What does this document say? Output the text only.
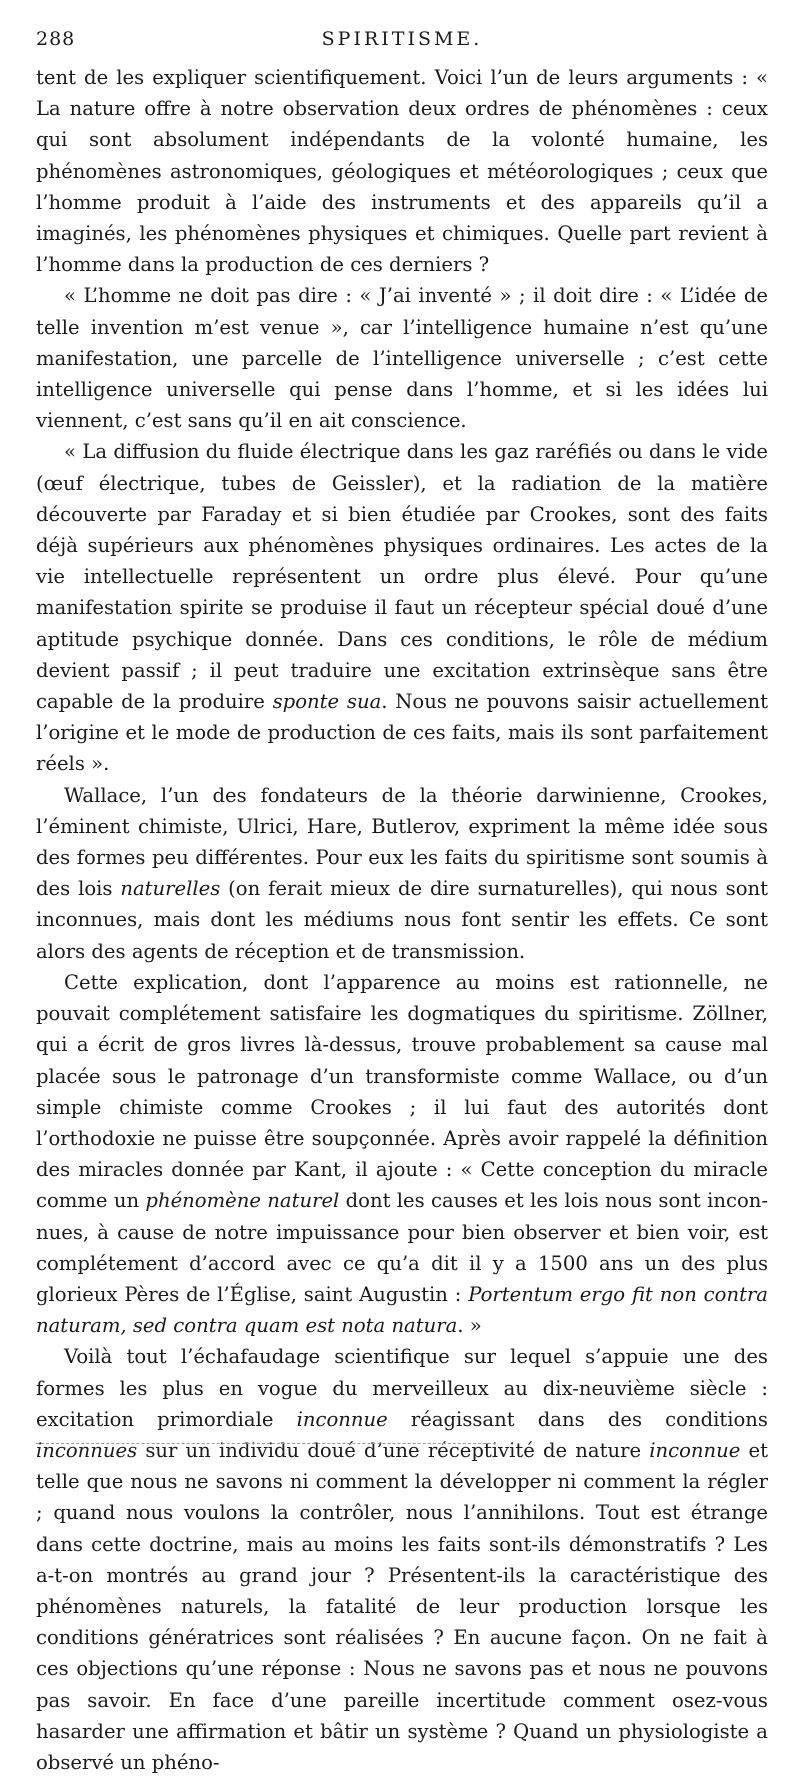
288	SPIRITISME.

tent de les expliquer scientifiquement. Voici l’un de leurs arguments : « La nature offre à notre observation deux ordres de phénomènes : ceux qui sont absolument indépendants de la volonté humaine, les phénomènes astronomiques, géologiques et météorologiques ; ceux que l’homme produit à l’aide des instruments et des appareils qu’il a imaginés, les phénomènes physiques et chimiques. Quelle part revient à l’homme dans la production de ces derniers ?

« L’homme ne doit pas dire : « J’ai inventé » ; il doit dire : « L’idée de telle invention m’est venue », car l’intelligence humaine n’est qu’une manifestation, une parcelle de l’intelligence universelle ; c’est cette intelligence universelle qui pense dans l’homme, et si les idées lui viennent, c’est sans qu’il en ait conscience.

« La diffusion du fluide électrique dans les gaz raréfiés ou dans le vide (œuf électrique, tubes de Geissler), et la radiation de la matière découverte par Faraday et si bien étudiée par Crookes, sont des faits déjà supérieurs aux phénomènes physiques ordinaires. Les actes de la vie intellectuelle représentent un ordre plus élevé. Pour qu’une manifestation spirite se produise il faut un récepteur spécial doué d’une aptitude psychique donnée. Dans ces conditions, le rôle de médium devient passif ; il peut traduire une excitation extrinsèque sans être capable de la produire sponte sua. Nous ne pouvons saisir actuellement l’origine et le mode de production de ces faits, mais ils sont parfaitement réels ».

Wallace, l’un des fondateurs de la théorie darwinienne, Crookes, l’éminent chimiste, Ulrici, Hare, Butlerov, expriment la même idée sous des formes peu différentes. Pour eux les faits du spiritisme sont soumis à des lois naturelles (on ferait mieux de dire surnaturelles), qui nous sont inconnues, mais dont les médiums nous font sentir les effets. Ce sont alors des agents de réception et de transmission.

Cette explication, dont l’apparence au moins est rationnelle, ne pouvait complétement satisfaire les dogmatiques du spiritisme. Zöllner, qui a écrit de gros livres là-dessus, trouve probablement sa cause mal placée sous le patronage d’un transformiste comme Wallace, ou d’un simple chimiste comme Crookes ; il lui faut des autorités dont l’orthodoxie ne puisse être soupçonnée. Après avoir rappelé la définition des miracles donnée par Kant, il ajoute : « Cette conception du miracle comme un phénomène naturel dont les causes et les lois nous sont inconnues, à cause de notre impuissance pour bien observer et bien voir, est complétement d’accord avec ce qu’a dit il y a 1500 ans un des plus glorieux Pères de l’Église, saint Augustin : Portentum ergo fit non contra naturam, sed contra quam est nota natura. »

Voilà tout l’échafaudage scientifique sur lequel s’appuie une des formes les plus en vogue du merveilleux au dix-neuvième siècle : excitation primordiale inconnue réagissant dans des conditions inconnues sur un individu doué d’une réceptivité de nature inconnue et telle que nous ne savons ni comment la développer ni comment la régler ; quand nous voulons la contrôler, nous l’annihilons. Tout est étrange dans cette doctrine, mais au moins les faits sont-ils démonstratifs ? Les a-t-on montrés au grand jour ? Présentent-ils la caractéristique des phénomènes naturels, la fatalité de leur production lorsque les conditions génératrices sont réalisées ? En aucune façon. On ne fait à ces objections qu’une réponse : Nous ne savons pas et nous ne pouvons pas savoir. En face d’une pareille incertitude comment osez-vous hasarder une affirmation et bâtir un système ? Quand un physiologiste a observé un phéno-
